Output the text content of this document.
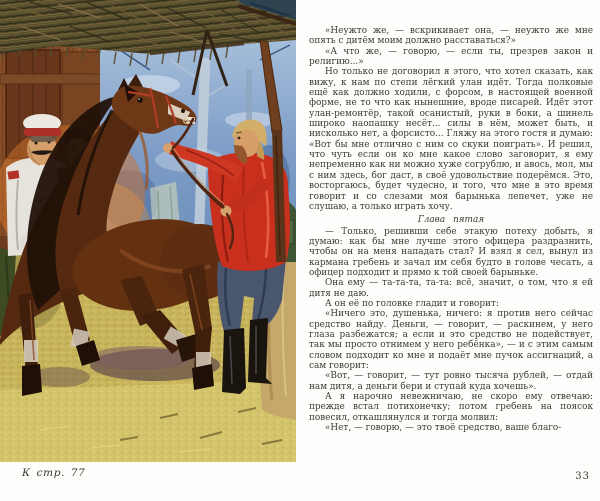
К стр. 77

«Неужто же, — вскрикивает она, — неужто же мне опять с дитём моим должно расставаться?»

«А что же, — говорю, — если ты, презрев закон и религию...»

Но только не договорил я этого, что хотел сказать, как вижу, к нам по степи лёгкий улан идёт. Тогда полковые ещё как должно ходили, с форсом, в настоящей военной форме, не то что как нынешние, вроде писарей. Идёт этот улан-ремонтёр, такой осанистый, руки в боки, а шинель широко наопашку несёт... силы в нём, может быть, и нисколько нет, а форсисто... Гляжу на этого гостя и думаю: «Вот бы мне отлично с ним со скуки поиграть». И решил, что чуть если он ко мне какое слово заговорит, я ему непременно как ни можно хуже согрублю, и авось, мол, мы с ним здесь, бог даст, в своё удовольствие подерёмся. Это, восторгаюсь, будет чудесно, и того, что мне в это время говорит и со слезами моя барынька лепечет, уже не слушаю, а только играть хочу.

Глава пятая

— Только, решивши себе этакую потеху добыть, я думаю: как бы мне лучше этого офицера раздразнить, чтобы он на меня нападать стал? И взял я сел, вынул из кармана гребень и зачал им себя будто в голове чесать, а офицер подходит и прямо к той своей барыньке.

Она ему — та-та-та, та-та: всё, значит, о том, что я ей дитя не даю.

А он её по головке гладит и говорит:

«Ничего это, душенька, ничего: я против него сейчас средство найду. Деньги, — говорит, — раскинем, у него глаза разбежатся; а если и это средство не подействует, так мы просто отнимем у него ребёнка», — и с этим самым словом подходит ко мне и подаёт мне пучок ассигнаций, а сам говорит:

«Вот, — говорит, — тут ровно тысяча рублей, — отдай нам дитя, а деньги бери и ступай куда хочешь».

А я нарочно невежничаю, не скоро ему отвечаю: прежде встал потихонечку; потом гребень на поясок повесил, откашлянулся и тогда молвил:

«Нет, — говорю, — это твоё средство, ваше благо-

33
